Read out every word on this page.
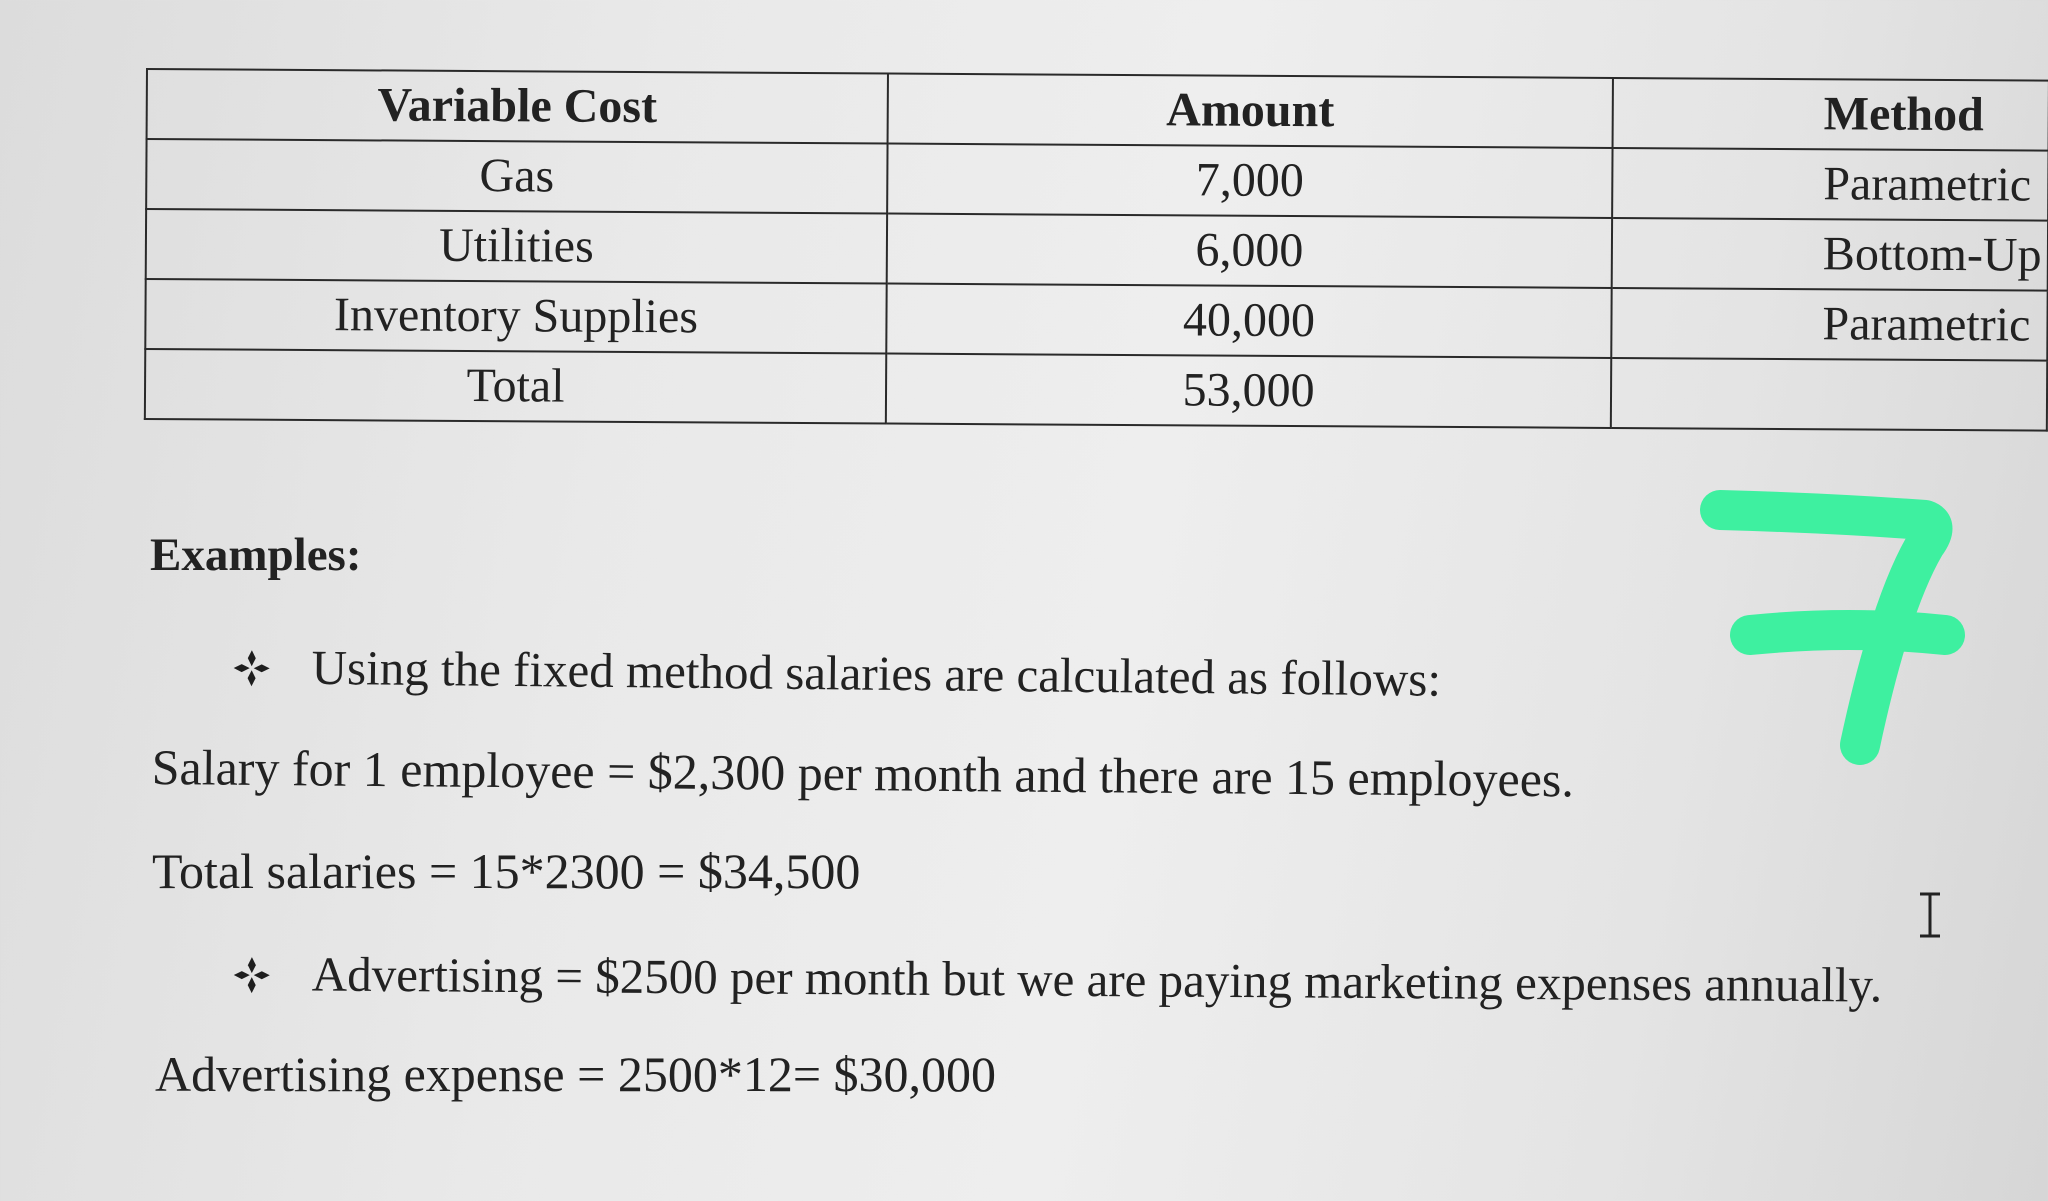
Variable Cost	Amount	Method
Gas	7,000	Parametric
Utilities	6,000	Bottom-Up
Inventory Supplies	40,000	Parametric
Total	53,000	
Examples:
Using the fixed method salaries are calculated as follows:
Salary for 1 employee = $2,300 per month and there are 15 employees.
Total salaries = 15*2300 = $34,500
Advertising = $2500 per month but we are paying marketing expenses annually.
Advertising expense = 2500*12= $30,000
